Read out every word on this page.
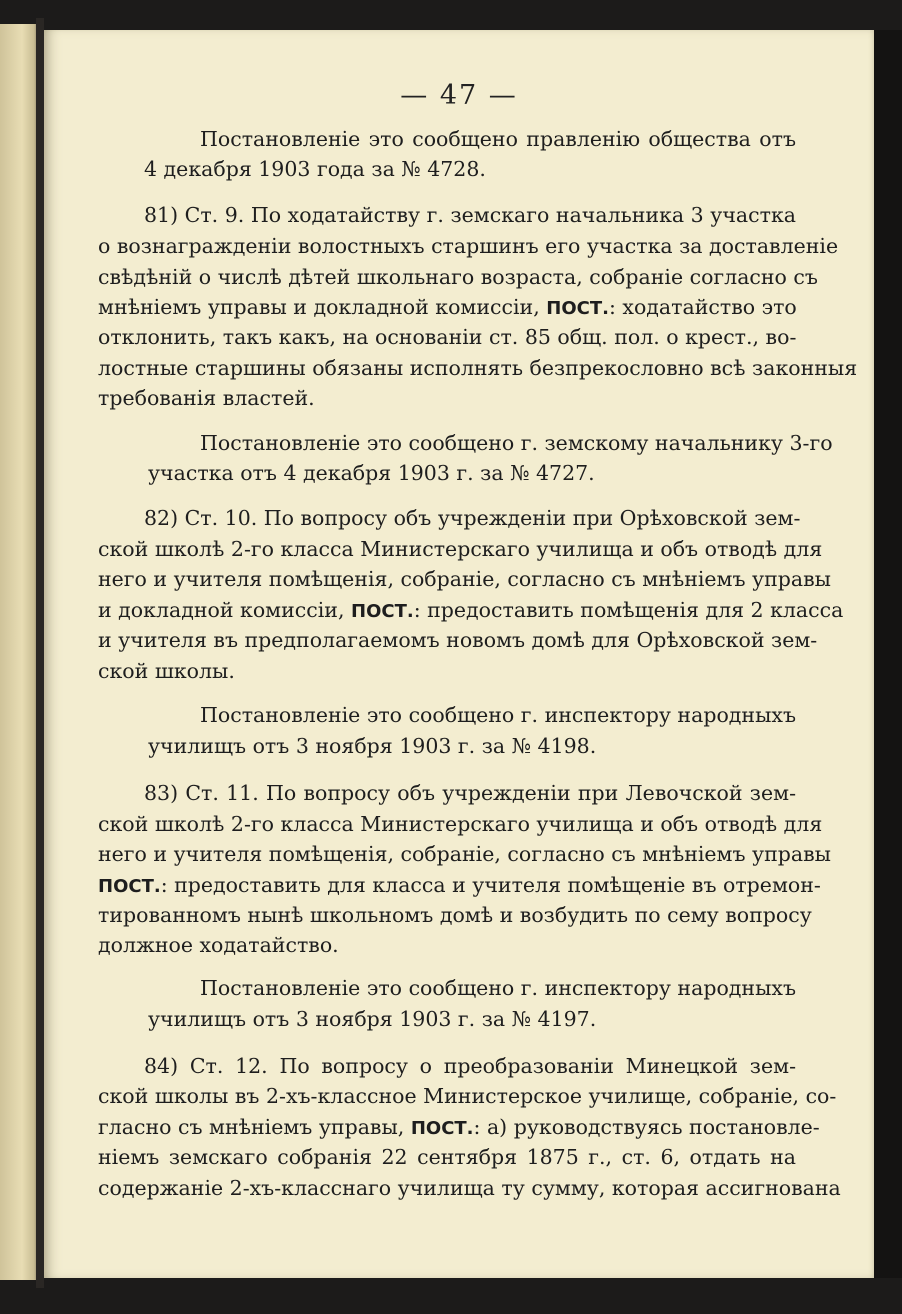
— 47 —
Постановленіе это сообщено правленію общества отъ
4 декабря 1903 года за № 4728.
81) Ст. 9. По ходатайству г. земскаго начальника 3 участка
о вознагражденіи волостныхъ старшинъ его участка за доставленіе
свѣдѣній о числѣ дѣтей школьнаго возраста, собраніе согласно съ
мнѣніемъ управы и докладной комиссіи, ПОСТ.: ходатайство это
отклонить, такъ какъ, на основаніи ст. 85 общ. пол. о крест., во-
лостные старшины обязаны исполнять безпрекословно всѣ законныя
требованія властей.
Постановленіе это сообщено г. земскому начальнику 3-го
участка отъ 4 декабря 1903 г. за № 4727.
82) Ст. 10. По вопросу объ учрежденіи при Орѣховской зем-
ской школѣ 2-го класса Министерскаго училища и объ отводѣ для
него и учителя помѣщенія, собраніе, согласно съ мнѣніемъ управы
и докладной комиссіи, ПОСТ.: предоставить помѣщенія для 2 класса
и учителя въ предполагаемомъ новомъ домѣ для Орѣховской зем-
ской школы.
Постановленіе это сообщено г. инспектору народныхъ
училищъ отъ 3 ноября 1903 г. за № 4198.
83) Ст. 11. По вопросу объ учрежденіи при Левочской зем-
ской школѣ 2-го класса Министерскаго училища и объ отводѣ для
него и учителя помѣщенія, собраніе, согласно съ мнѣніемъ управы
ПОСТ.: предоставить для класса и учителя помѣщеніе въ отремон-
тированномъ нынѣ школьномъ домѣ и возбудить по сему вопросу
должное ходатайство.
Постановленіе это сообщено г. инспектору народныхъ
училищъ отъ 3 ноября 1903 г. за № 4197.
84) Ст. 12. По вопросу о преобразованіи Минецкой зем-
ской школы въ 2-хъ-классное Министерское училище, собраніе, со-
гласно съ мнѣніемъ управы, ПОСТ.: а) руководствуясь постановле-
ніемъ земскаго собранія 22 сентября 1875 г., ст. 6, отдать на
содержаніе 2-хъ-класснаго училища ту сумму, которая ассигнована
